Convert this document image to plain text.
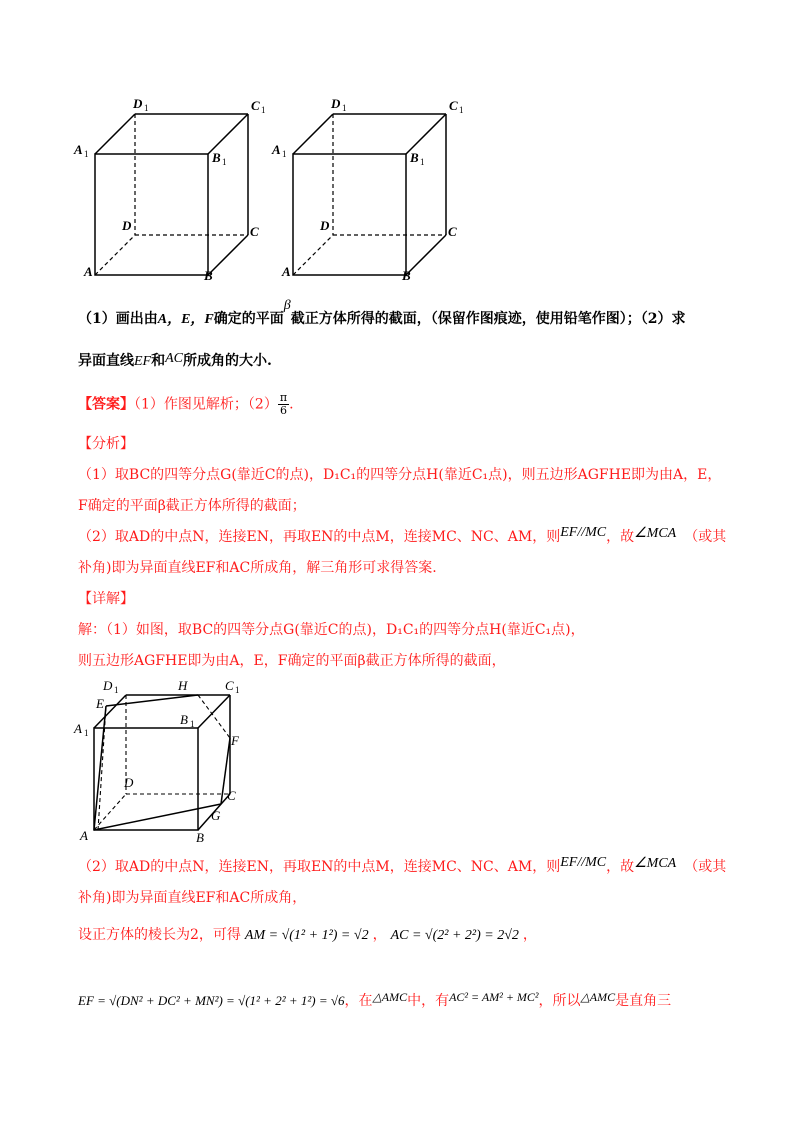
D 1	C 1
A 1	B 1
D	C
A	B
D 1	C 1
A 1	B 1
D	C
A	B
（1）画出由A，E，F确定的平面β截正方体所得的截面，（保留作图痕迹，使用铅笔作图）；（2）求
异面直线EF和AC所成角的大小.
【答案】（1）作图见解析；$(2) \frac{\pi}{6}$ .
【分析】
（1）取BC的四等分点G(靠近C的点)，D₁C₁的四等分点H(靠近C₁点)，则五边形AGFHE即为由A，E，
F确定的平面β截正方体所得的截面；
（2）取AD的中点N，连接EN，再取EN的中点M，连接MC、NC、AM，则EF//MC，故∠MCA （或其
补角)即为异面直线EF和AC所成角，解三角形可求得答案.
【详解】
解：（1）如图，取BC的四等分点G(靠近C的点)，D₁C₁的四等分点H(靠近C₁点)，
则五边形AGFHE即为由A，E，F确定的平面β截正方体所得的截面，
D 1	H	C 1
E
A 1
B 1
F
D
C
G
A	B
（2）取AD的中点N，连接EN，再取EN的中点M，连接MC、NC、AM，则EF//MC，故∠MCA （或其
补角)即为异面直线EF和AC所成角，
设正方体的棱长为2，可得 AM = √(1² + 1²) = √2 ， AC = √(2² + 2²) = 2√2 ，
EF = √(DN² + DC² + MN²) = √(1² + 2² + 1²) = √6，在△AMC中，有AC² = AM² + MC²，所以△AMC是直角三
